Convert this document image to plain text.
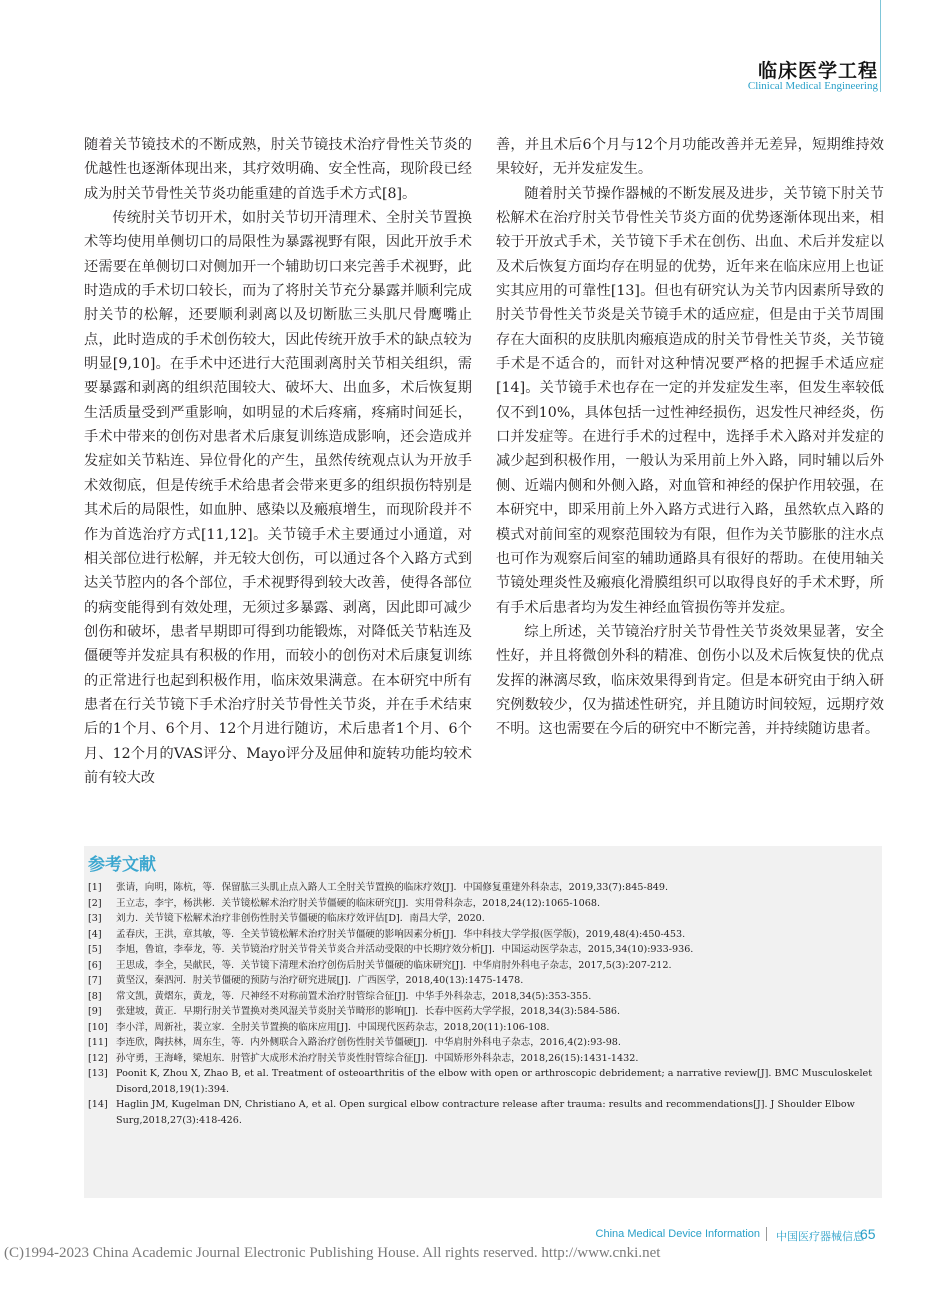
临床医学工程
Clinical Medical Engineering

随着关节镜技术的不断成熟，肘关节镜技术治疗骨性关节炎的优越性也逐渐体现出来，其疗效明确、安全性高，现阶段已经成为肘关节骨性关节炎功能重建的首选手术方式[8]。

传统肘关节切开术，如肘关节切开清理术、全肘关节置换术等均使用单侧切口的局限性为暴露视野有限，因此开放手术还需要在单侧切口对侧加开一个辅助切口来完善手术视野，此时造成的手术切口较长，而为了将肘关节充分暴露并顺利完成肘关节的松解，还要顺利剥离以及切断肱三头肌尺骨鹰嘴止点，此时造成的手术创伤较大，因此传统开放手术的缺点较为明显[9,10]。在手术中还进行大范围剥离肘关节相关组织，需要暴露和剥离的组织范围较大、破坏大、出血多，术后恢复期生活质量受到严重影响，如明显的术后疼痛，疼痛时间延长，手术中带来的创伤对患者术后康复训练造成影响，还会造成并发症如关节粘连、异位骨化的产生，虽然传统观点认为开放手术效彻底，但是传统手术给患者会带来更多的组织损伤特别是其术后的局限性，如血肿、感染以及瘢痕增生，而现阶段并不作为首选治疗方式[11,12]。关节镜手术主要通过小通道，对相关部位进行松解，并无较大创伤，可以通过各个入路方式到达关节腔内的各个部位，手术视野得到较大改善，使得各部位的病变能得到有效处理，无须过多暴露、剥离，因此即可减少创伤和破坏，患者早期即可得到功能锻炼，对降低关节粘连及僵硬等并发症具有积极的作用，而较小的创伤对术后康复训练的正常进行也起到积极作用，临床效果满意。在本研究中所有患者在行关节镜下手术治疗肘关节骨性关节炎，并在手术结束后的1个月、6个月、12个月进行随访，术后患者1个月、6个月、12个月的VAS评分、Mayo评分及屈伸和旋转功能均较术前有较大改

善，并且术后6个月与12个月功能改善并无差异，短期维持效果较好，无并发症发生。

随着肘关节操作器械的不断发展及进步，关节镜下肘关节松解术在治疗肘关节骨性关节炎方面的优势逐渐体现出来，相较于开放式手术，关节镜下手术在创伤、出血、术后并发症以及术后恢复方面均存在明显的优势，近年来在临床应用上也证实其应用的可靠性[13]。但也有研究认为关节内因素所导致的肘关节骨性关节炎是关节镜手术的适应症，但是由于关节周围存在大面积的皮肤肌肉瘢痕造成的肘关节骨性关节炎，关节镜手术是不适合的，而针对这种情况要严格的把握手术适应症[14]。关节镜手术也存在一定的并发症发生率，但发生率较低仅不到10%，具体包括一过性神经损伤，迟发性尺神经炎，伤口并发症等。在进行手术的过程中，选择手术入路对并发症的减少起到积极作用，一般认为采用前上外入路，同时辅以后外侧、近端内侧和外侧入路，对血管和神经的保护作用较强，在本研究中，即采用前上外入路方式进行入路，虽然软点入路的模式对前间室的观察范围较为有限，但作为关节膨胀的注水点也可作为观察后间室的辅助通路具有很好的帮助。在使用轴关节镜处理炎性及瘢痕化滑膜组织可以取得良好的手术术野，所有手术后患者均为发生神经血管损伤等并发症。

综上所述，关节镜治疗肘关节骨性关节炎效果显著，安全性好，并且将微创外科的精准、创伤小以及术后恢复快的优点发挥的淋漓尽致，临床效果得到肯定。但是本研究由于纳入研究例数较少，仅为描述性研究，并且随访时间较短，远期疗效不明。这也需要在今后的研究中不断完善，并持续随访患者。

参考文献
[1]	张请，向明，陈杭，等．保留肱三头肌止点入路人工全肘关节置换的临床疗效[J]．中国修复重建外科杂志，2019,33(7):845-849.
[2]	王立志，李宇，杨洪彬．关节镜松解术治疗肘关节僵硬的临床研究[J]．实用骨科杂志，2018,24(12):1065-1068.
[3]	刘力．关节镜下松解术治疗非创伤性肘关节僵硬的临床疗效评估[D]．南昌大学，2020.
[4]	孟春庆，王洪，章其敏，等．全关节镜松解术治疗肘关节僵硬的影响因素分析[J]．华中科技大学学报(医学版)，2019,48(4):450-453.
[5]	李旭，鲁谊，李奉龙，等．关节镜治疗肘关节骨关节炎合并活动受限的中长期疗效分析[J]．中国运动医学杂志，2015,34(10):933-936.
[6]	王思成，李全，吴献民，等．关节镜下清理术治疗创伤后肘关节僵硬的临床研究[J]．中华肩肘外科电子杂志，2017,5(3):207-212.
[7]	黄坚汉，秦泗河．肘关节僵硬的预防与治疗研究进展[J]．广西医学，2018,40(13):1475-1478.
[8]	常文凯，黄熠东，黄龙，等．尺神经不对称前置术治疗肘管综合征[J]．中华手外科杂志，2018,34(5):353-355.
[9]	张建坡，黄正．早期行肘关节置换对类风湿关节炎肘关节畸形的影响[J]．长春中医药大学学报，2018,34(3):584-586.
[10] 李小洋，周新社，裴立家．全肘关节置换的临床应用[J]．中国现代医药杂志，2018,20(11):106-108.
[11] 李连欣，陶扶林，周东生，等．内外侧联合入路治疗创伤性肘关节僵硬[J]．中华肩肘外科电子杂志，2016,4(2):93-98.
[12] 孙守勇，王海峰，梁旭东．肘管扩大成形术治疗肘关节炎性肘管综合征[J]．中国矫形外科杂志，2018,26(15):1431-1432.
[13] Poonit K, Zhou X, Zhao B, et al. Treatment of osteoarthritis of the elbow with open or arthroscopic debridement; a narrative review[J]. BMC Musculoskelet Disord,2018,19(1):394.
[14] Haglin JM, Kugelman DN, Christiano A, et al. Open surgical elbow contracture release after trauma: results and recommendations[J]. J Shoulder Elbow Surg,2018,27(3):418-426.
China Medical Device Information	65
中国医疗器械信息
(C)1994-2023 China Academic Journal Electronic Publishing House. All rights reserved. http://www.cnki.net
